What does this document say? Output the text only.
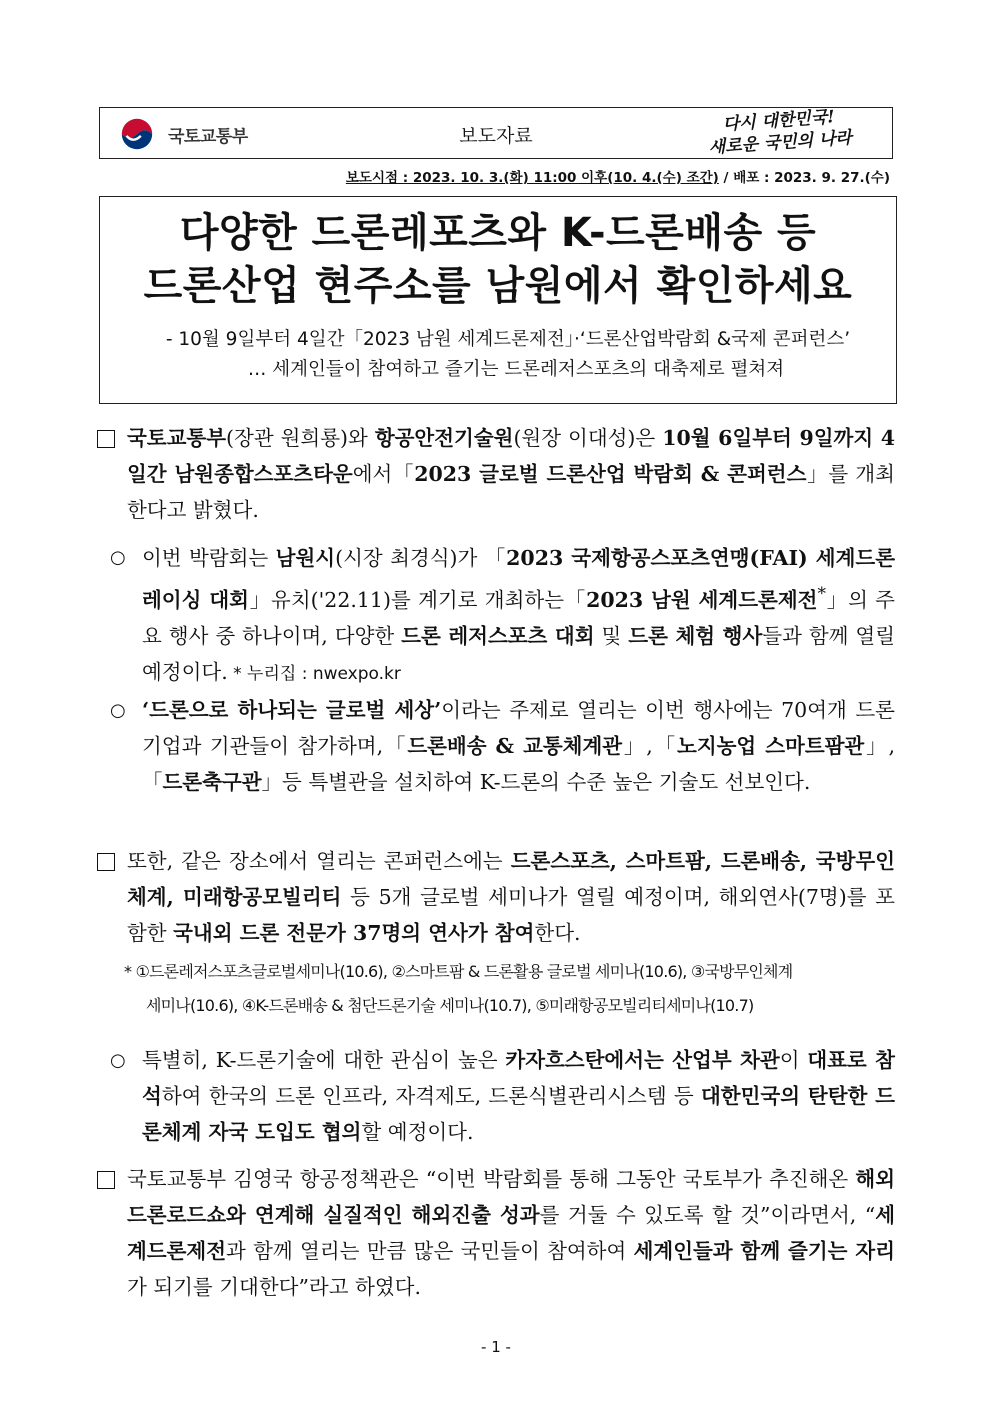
국토교통부	보도자료
다시 대한민국!
새로운 국민의 나라
보도시점 : 2023. 10. 3.(화) 11:00 이후(10. 4.(수) 조간) / 배포 : 2023. 9. 27.(수)
다양한 드론레포츠와 K-드론배송 등
드론산업 현주소를 남원에서 확인하세요
- 10월 9일부터 4일간「2023 남원 세계드론제전」·‘드론산업박람회 &국제 콘퍼런스’
… 세계인들이 참여하고 즐기는 드론레저스포츠의 대축제로 펼쳐져
국토교통부(장관 원희룡)와 항공안전기술원(원장 이대성)은 10월 6일부터 9일까지 4일간 남원종합스포츠타운에서「2023 글로벌 드론산업 박람회 & 콘퍼런스」를 개최한다고 밝혔다.
○ 이번 박람회는 남원시(시장 최경식)가 「2023 국제항공스포츠연맹(FAI) 세계드론레이싱 대회」유치('22.11)를 계기로 개최하는「2023 남원 세계드론제전*」의 주요 행사 중 하나이며, 다양한 드론 레저스포츠 대회 및 드론 체험 행사들과 함께 열릴 예정이다. * 누리집 : nwexpo.kr
○ ‘드론으로 하나되는 글로벌 세상’이라는 주제로 열리는 이번 행사에는 70여개 드론 기업과 기관들이 참가하며,「드론배송 & 교통체계관」,「노지농업 스마트팜관」,「드론축구관」등 특별관을 설치하여 K-드론의 수준 높은 기술도 선보인다.
또한, 같은 장소에서 열리는 콘퍼런스에는 드론스포츠, 스마트팜, 드론배송, 국방무인체계, 미래항공모빌리티 등 5개 글로벌 세미나가 열릴 예정이며, 해외연사(7명)를 포함한 국내외 드론 전문가 37명의 연사가 참여한다.
* ①드론레저스포츠글로벌세미나(10.6), ②스마트팜 & 드론활용 글로벌 세미나(10.6), ③국방무인체계
세미나(10.6), ④K-드론배송 & 첨단드론기술 세미나(10.7), ⑤미래항공모빌리티세미나(10.7)
○ 특별히, K-드론기술에 대한 관심이 높은 카자흐스탄에서는 산업부 차관이 대표로 참석하여 한국의 드론 인프라, 자격제도, 드론식별관리시스템 등 대한민국의 탄탄한 드론체계 자국 도입도 협의할 예정이다.
국토교통부 김영국 항공정책관은 “이번 박람회를 통해 그동안 국토부가 추진해온 해외 드론로드쇼와 연계해 실질적인 해외진출 성과를 거둘 수 있도록 할 것”이라면서, “세계드론제전과 함께 열리는 만큼 많은 국민들이 참여하여 세계인들과 함께 즐기는 자리가 되기를 기대한다”라고 하였다.
- 1 -
